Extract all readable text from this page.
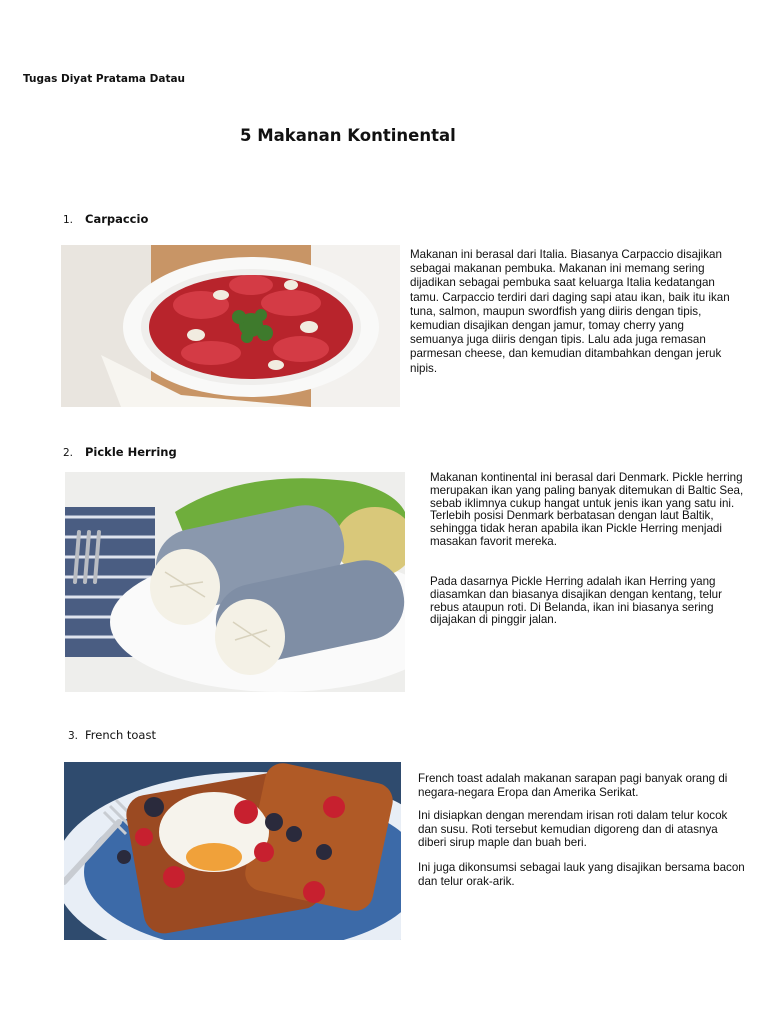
Tugas Diyat Pratama Datau
5 Makanan Kontinental
1. Carpaccio

Makanan ini berasal dari Italia. Biasanya Carpaccio disajikan sebagai makanan pembuka. Makanan ini memang sering dijadikan sebagai pembuka saat keluarga Italia kedatangan tamu. Carpaccio terdiri dari daging sapi atau ikan, baik itu ikan tuna, salmon, maupun swordfish yang diiris dengan tipis, kemudian disajikan dengan jamur, tomay cherry yang semuanya juga diiris dengan tipis. Lalu ada juga remasan parmesan cheese, dan kemudian ditambahkan dengan jeruk nipis.

2. Pickle Herring

Makanan kontinental ini berasal dari Denmark. Pickle herring merupakan ikan yang paling banyak ditemukan di Baltic Sea, sebab iklimnya cukup hangat untuk jenis ikan yang satu ini. Terlebih posisi Denmark berbatasan dengan laut Baltik, sehingga tidak heran apabila ikan Pickle Herring menjadi masakan favorit mereka.

Pada dasarnya Pickle Herring adalah ikan Herring yang diasamkan dan biasanya disajikan dengan kentang, telur rebus ataupun roti. Di Belanda, ikan ini biasanya sering dijajakan di pinggir jalan.

3. French toast

French toast adalah makanan sarapan pagi banyak orang di negara-negara Eropa dan Amerika Serikat.

Ini disiapkan dengan merendam irisan roti dalam telur kocok dan susu. Roti tersebut kemudian digoreng dan di atasnya diberi sirup maple dan buah beri.

Ini juga dikonsumsi sebagai lauk yang disajikan bersama bacon dan telur orak-arik.
